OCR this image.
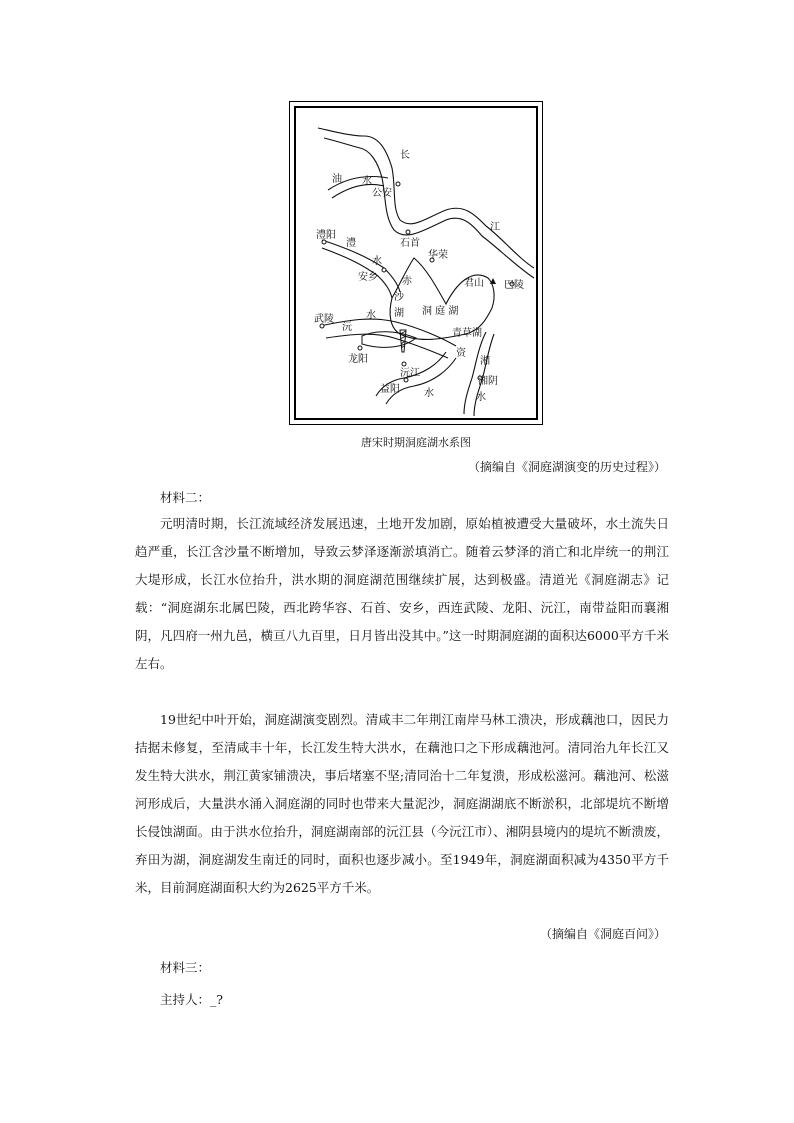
长
江
油 水
公安
石首
澧阳
澧
水
华荣
安乡 赤
沙
湖
君山 巴陵
洞 庭 湖
武陵
沅
水
青草湖
龙阳
资
湘
沅江
益阳 水
湘阴
水
唐宋时期洞庭湖水系图
（摘编自《洞庭湖演变的历史过程》）
材料二：

元明清时期，长江流域经济发展迅速，土地开发加剧，原始植被遭受大量破坏，水土流失日趋严重，长江含沙量不断增加，导致云梦泽逐渐淤填消亡。随着云梦泽的消亡和北岸统一的荆江大堤形成，长江水位抬升，洪水期的洞庭湖范围继续扩展，达到极盛。清道光《洞庭湖志》记载：“洞庭湖东北属巴陵，西北跨华容、石首、安乡，西连武陵、龙阳、沅江，南带益阳而襄湘阴，凡四府一州九邑，横亘八九百里，日月皆出没其中。”这一时期洞庭湖的面积达6000平方千米左右。

19世纪中叶开始，洞庭湖演变剧烈。清咸丰二年荆江南岸马林工溃决，形成藕池口，因民力拮据未修复，至清咸丰十年，长江发生特大洪水，在藕池口之下形成藕池河。清同治九年长江又发生特大洪水，荆江黄家铺溃决，事后堵塞不坚;清同治十二年复溃，形成松滋河。藕池河、松滋河形成后，大量洪水涌入洞庭湖的同时也带来大量泥沙，洞庭湖湖底不断淤积，北部堤坑不断增长侵蚀湖面。由于洪水位抬升，洞庭湖南部的沅江县（今沅江市）、湘阴县境内的堤坑不断溃废，弃田为湖，洞庭湖发生南迁的同时，面积也逐步减小。至1949年，洞庭湖面积减为4350平方千米，目前洞庭湖面积大约为2625平方千米。

（摘编自《洞庭百问》）
材料三：
主持人：_?
